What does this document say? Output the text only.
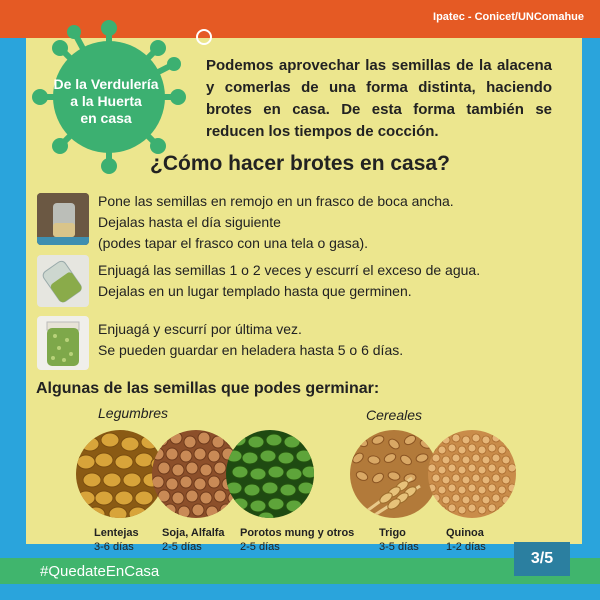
Ipatec - Conicet/UNComahue
De la Verdulería
a la Huerta
en casa
Podemos aprovechar las semillas de la alacena y comerlas de una forma distinta, haciendo brotes en casa. De esta forma también se reducen los tiempos de cocción.
¿Cómo hacer brotes en casa?
Pone las semillas en remojo en un frasco de boca ancha.
Dejalas hasta el día siguiente
(podes tapar el frasco con una tela o gasa).
Enjuagá las semillas 1 o 2 veces y escurrí el exceso de agua.
Dejalas en un lugar templado hasta que germinen.
Enjuagá y escurrí por última vez.
Se pueden guardar en heladera hasta 5 o 6 días.
Algunas de las semillas que podes germinar:
Legumbres	Cereales
Lentejas
3-6 días
Soja, Alfalfa
2-5 días
Porotos mung y otros
2-5 días
Trigo
3-5 días
Quinoa
1-2 días
#QuedateEnCasa
3/5
